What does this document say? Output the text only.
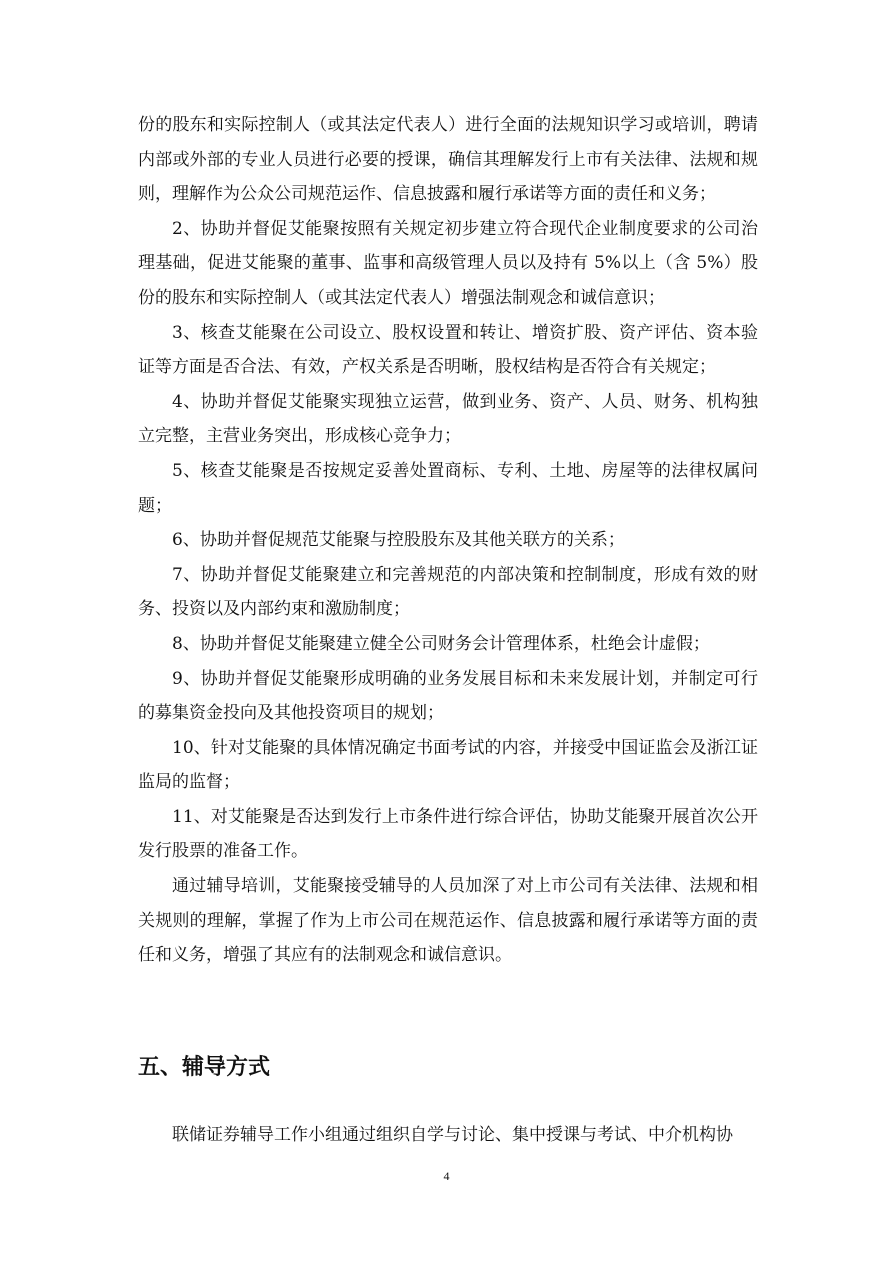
份的股东和实际控制人（或其法定代表人）进行全面的法规知识学习或培训，聘请内部或外部的专业人员进行必要的授课，确信其理解发行上市有关法律、法规和规则，理解作为公众公司规范运作、信息披露和履行承诺等方面的责任和义务；

2、协助并督促艾能聚按照有关规定初步建立符合现代企业制度要求的公司治理基础，促进艾能聚的董事、监事和高级管理人员以及持有 5%以上（含 5%）股份的股东和实际控制人（或其法定代表人）增强法制观念和诚信意识；

3、核查艾能聚在公司设立、股权设置和转让、增资扩股、资产评估、资本验证等方面是否合法、有效，产权关系是否明晰，股权结构是否符合有关规定；

4、协助并督促艾能聚实现独立运营，做到业务、资产、人员、财务、机构独立完整，主营业务突出，形成核心竞争力；

5、核查艾能聚是否按规定妥善处置商标、专利、土地、房屋等的法律权属问题；

6、协助并督促规范艾能聚与控股股东及其他关联方的关系；

7、协助并督促艾能聚建立和完善规范的内部决策和控制制度，形成有效的财务、投资以及内部约束和激励制度；

8、协助并督促艾能聚建立健全公司财务会计管理体系，杜绝会计虚假；

9、协助并督促艾能聚形成明确的业务发展目标和未来发展计划，并制定可行的募集资金投向及其他投资项目的规划；

10、针对艾能聚的具体情况确定书面考试的内容，并接受中国证监会及浙江证监局的监督；

11、对艾能聚是否达到发行上市条件进行综合评估，协助艾能聚开展首次公开发行股票的准备工作。

通过辅导培训，艾能聚接受辅导的人员加深了对上市公司有关法律、法规和相关规则的理解，掌握了作为上市公司在规范运作、信息披露和履行承诺等方面的责任和义务，增强了其应有的法制观念和诚信意识。

五、辅导方式

联储证券辅导工作小组通过组织自学与讨论、集中授课与考试、中介机构协

4
